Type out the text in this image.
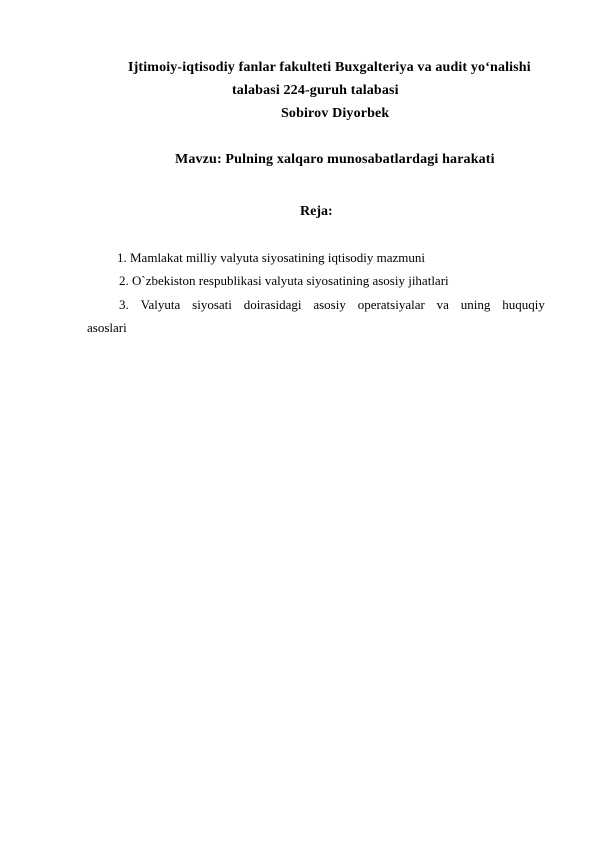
Ijtimoiy-iqtisodiy fanlar fakulteti Buxgalteriya va audit yo‘nalishi
talabasi 224-guruh talabasi
Sobirov Diyorbek
Mavzu: Pulning xalqaro munosabatlardagi harakati
Reja:
1. Mamlakat milliy valyuta siyosatining iqtisodiy mazmuni
2. O`zbekiston respublikasi valyuta siyosatining asosiy jihatlari
3. Valyuta siyosati doirasidagi asosiy operatsiyalar va uning huquqiy
asoslari
